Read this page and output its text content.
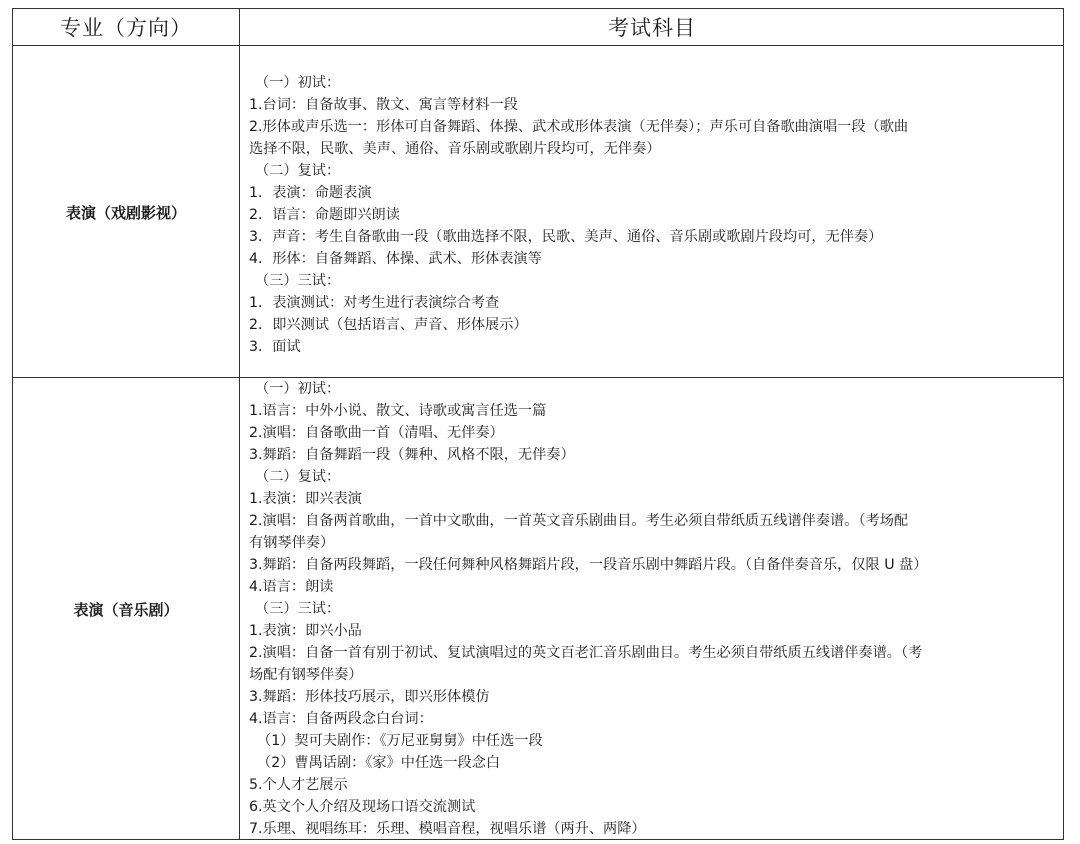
专业（方向）	考试科目
表演（戏剧影视）
（一）初试：
1.台词：自备故事、散文、寓言等材料一段
2.形体或声乐选一：形体可自备舞蹈、体操、武术或形体表演（无伴奏）；声乐可自备歌曲演唱一段（歌曲
选择不限，民歌、美声、通俗、音乐剧或歌剧片段均可，无伴奏）
（二）复试：
1．表演：命题表演
2．语言：命题即兴朗读
3．声音：考生自备歌曲一段（歌曲选择不限，民歌、美声、通俗、音乐剧或歌剧片段均可，无伴奏）
4．形体：自备舞蹈、体操、武术、形体表演等
（三）三试：
1．表演测试：对考生进行表演综合考查
2．即兴测试（包括语言、声音、形体展示）
3．面试
表演（音乐剧）
（一）初试：
1.语言：中外小说、散文、诗歌或寓言任选一篇
2.演唱：自备歌曲一首（清唱、无伴奏）
3.舞蹈：自备舞蹈一段（舞种、风格不限，无伴奏）
（二）复试：
1.表演：即兴表演
2.演唱：自备两首歌曲，一首中文歌曲，一首英文音乐剧曲目。考生必须自带纸质五线谱伴奏谱。（考场配
有钢琴伴奏）
3.舞蹈：自备两段舞蹈，一段任何舞种风格舞蹈片段，一段音乐剧中舞蹈片段。（自备伴奏音乐，仅限 U 盘）
4.语言：朗读
（三）三试：
1.表演：即兴小品
2.演唱：自备一首有别于初试、复试演唱过的英文百老汇音乐剧曲目。考生必须自带纸质五线谱伴奏谱。（考
场配有钢琴伴奏）
3.舞蹈：形体技巧展示，即兴形体模仿
4.语言：自备两段念白台词：
（1）契可夫剧作：《万尼亚舅舅》中任选一段
（2）曹禺话剧：《家》中任选一段念白
5.个人才艺展示
6.英文个人介绍及现场口语交流测试
7.乐理、视唱练耳：乐理、模唱音程，视唱乐谱（两升、两降）
